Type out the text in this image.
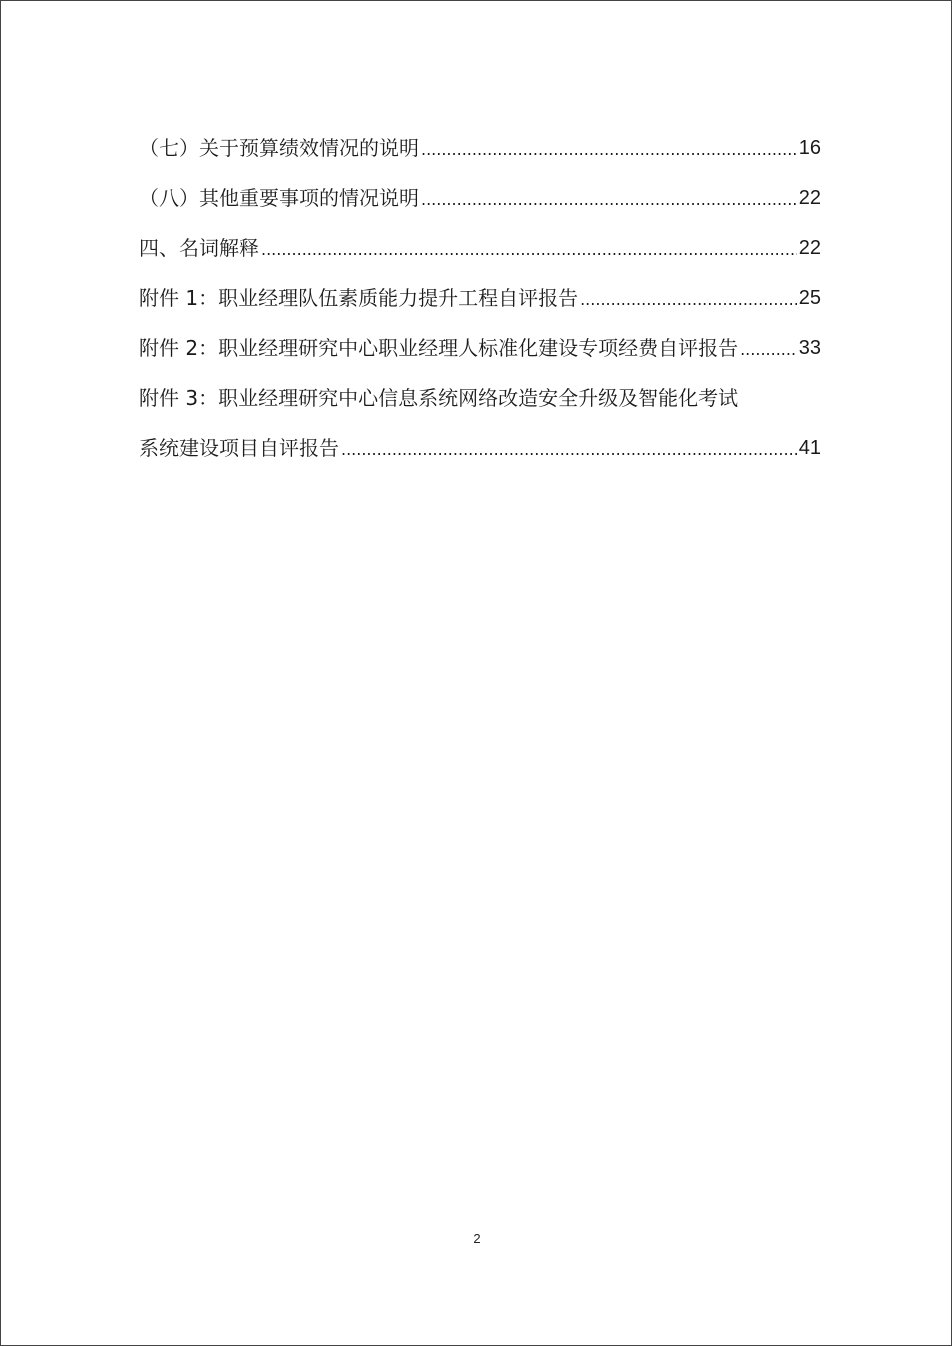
（七）关于预算绩效情况的说明 .....	16
（八）其他重要事项的情况说明 .....	22
四、名词解释 .....	22
附件 1：职业经理队伍素质能力提升工程自评报告 .....	25
附件 2：职业经理研究中心职业经理人标准化建设专项经费自评报告 .....	33
附件 3：职业经理研究中心信息系统网络改造安全升级及智能化考试
系统建设项目自评报告 .....	41
2
